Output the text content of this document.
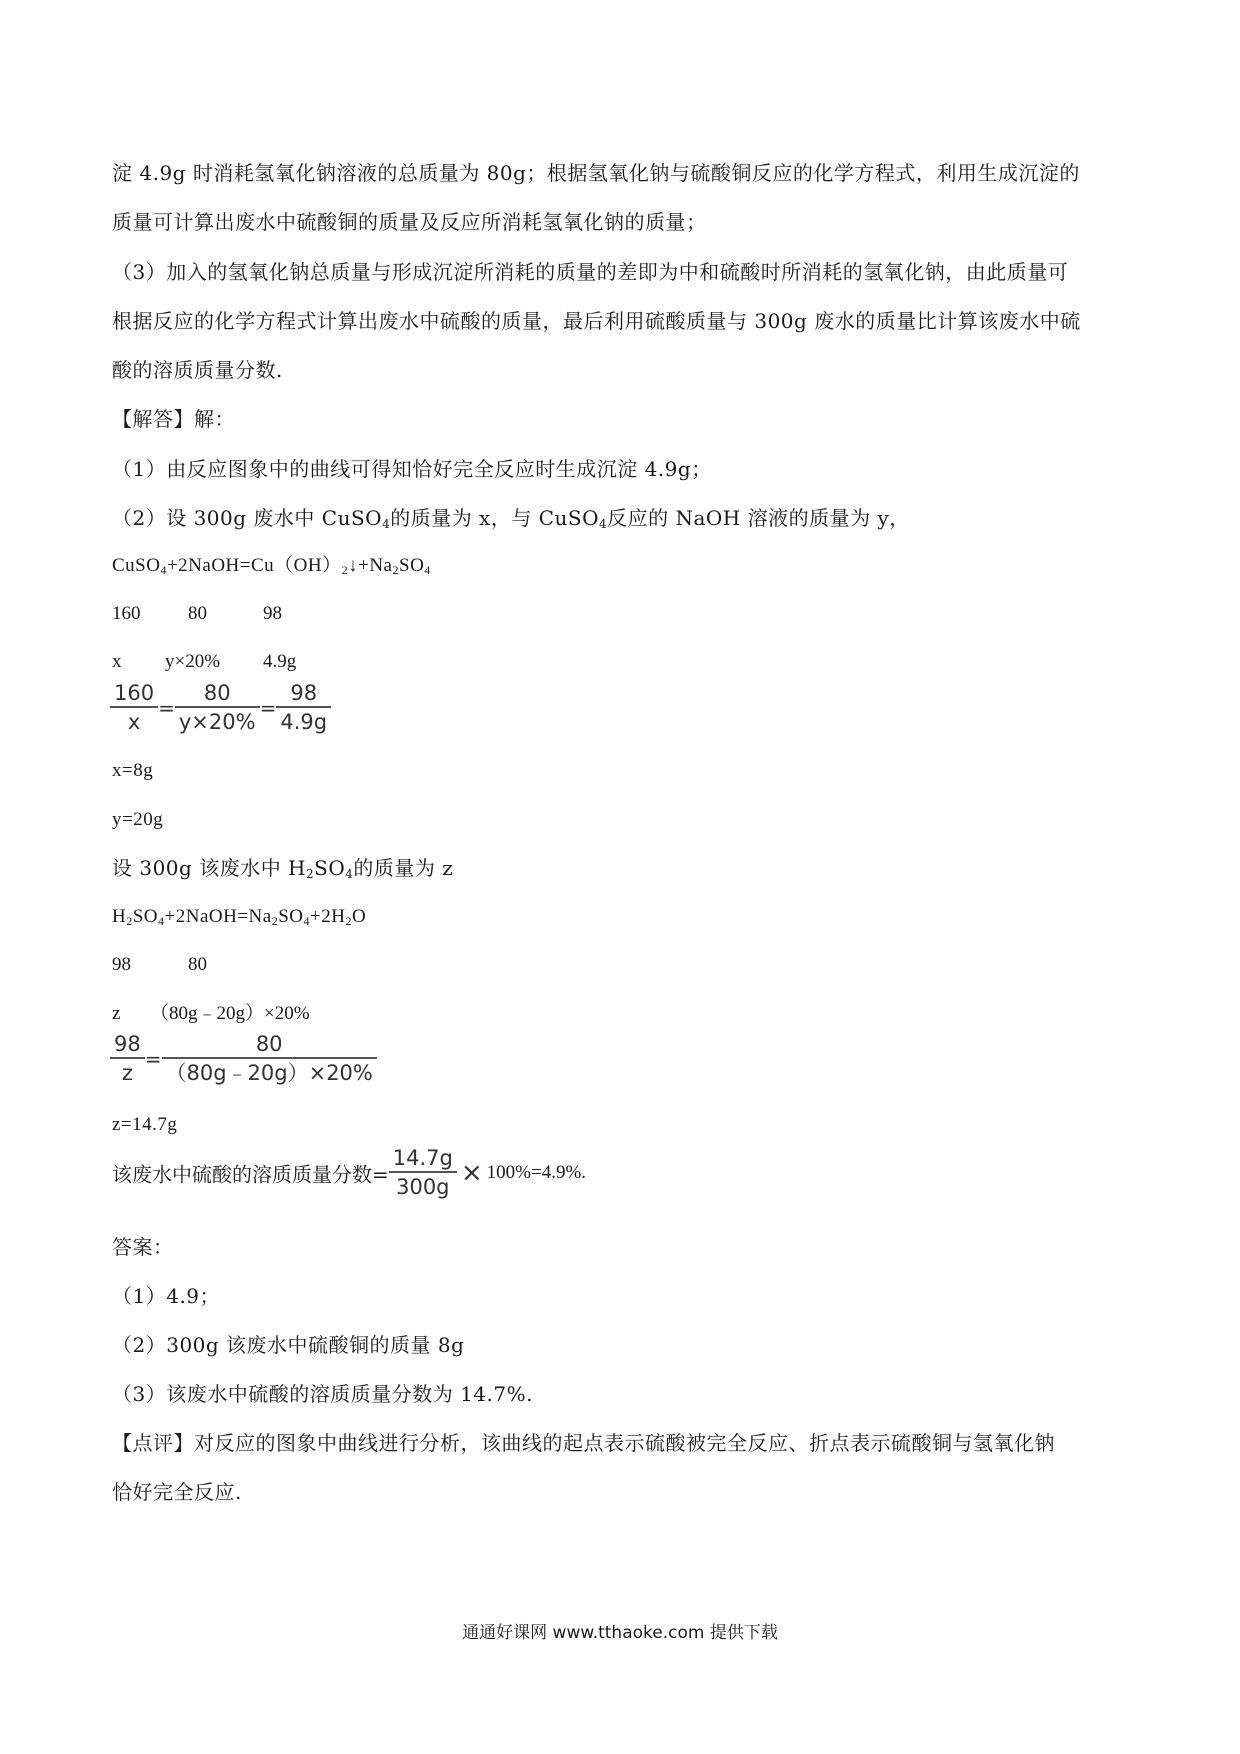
淀 4.9g 时消耗氢氧化钠溶液的总质量为 80g；根据氢氧化钠与硫酸铜反应的化学方程式，利用生成沉淀的
质量可计算出废水中硫酸铜的质量及反应所消耗氢氧化钠的质量；
（3）加入的氢氧化钠总质量与形成沉淀所消耗的质量的差即为中和硫酸时所消耗的氢氧化钠，由此质量可
根据反应的化学方程式计算出废水中硫酸的质量，最后利用硫酸质量与 300g 废水的质量比计算该废水中硫
酸的溶质质量分数.
【解答】解：
（1）由反应图象中的曲线可得知恰好完全反应时生成沉淀 4.9g；
（2）设 300g 废水中 CuSO$_4$的质量为 x，与 CuSO$_4$反应的 NaOH 溶液的质量为 y，
$CuSO_4+2NaOH=Cu(OH)_2↓+Na_2SO_4$
160	80	98
x y×20% 4.9g
$\frac{160}{x} = \frac{80}{y\times 20\%} = \frac{98}{4.9g}$
x=8g
y=20g
设 300g 该废水中 $H_2SO_4$的质量为 z
$H_2SO_4+2NaOH=Na_2SO_4+2H_2O$
98	80
z （80g﹣20g）×20%
$\frac{98}{z} = \frac{80}{(80g﹣20g)\times 20\%}$
z=14.7g
该废水中硫酸的溶质质量分数= $\frac{14.7g}{300g} \times 100\%=4.9\%$.
答案：
（1）4.9；
（2）300g 该废水中硫酸铜的质量 8g
（3）该废水中硫酸的溶质质量分数为 14.7%.
【点评】对反应的图象中曲线进行分析，该曲线的起点表示硫酸被完全反应、折点表示硫酸铜与氢氧化钠
恰好完全反应.
通通好课网 www.tthaoke.com 提供下载
